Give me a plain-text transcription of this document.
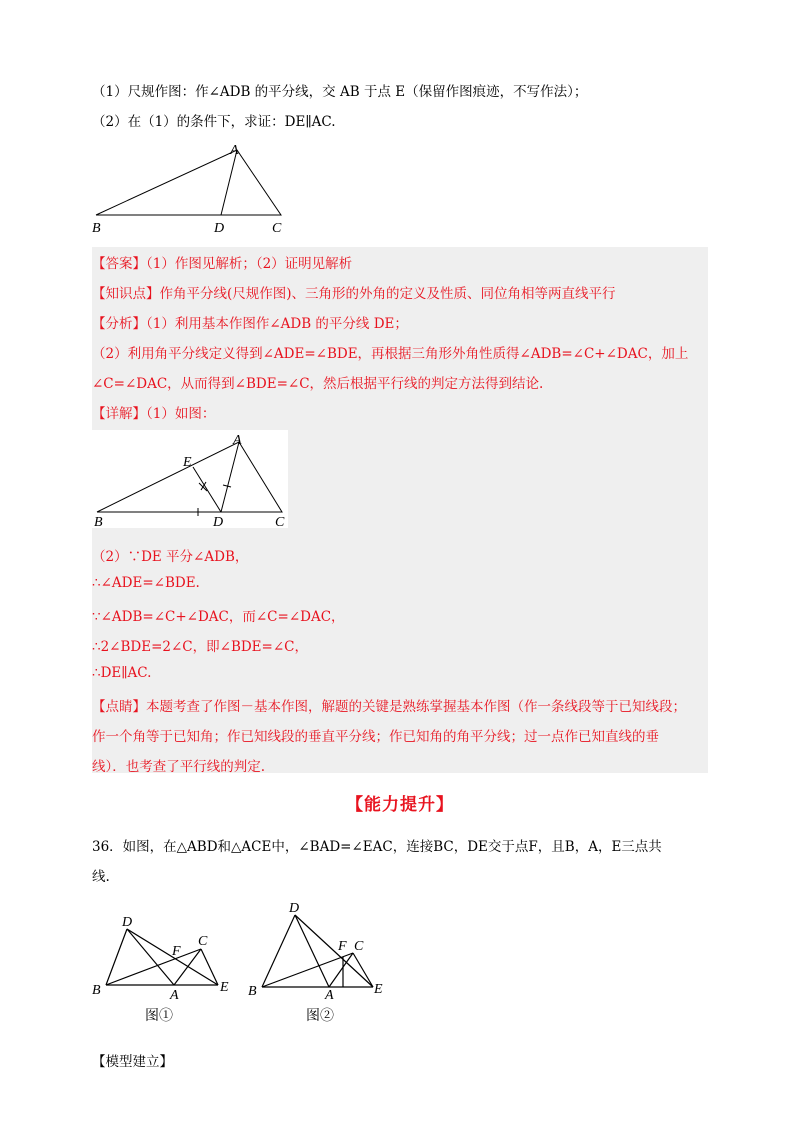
（1）尺规作图：作∠ADB 的平分线，交 AB 于点 E（保留作图痕迹，不写作法）；
（2）在（1）的条件下，求证：DE∥AC.
A
B	D	C
【答案】（1）作图见解析；（2）证明见解析
【知识点】作角平分线(尺规作图)、三角形的外角的定义及性质、同位角相等两直线平行
【分析】（1）利用基本作图作∠ADB 的平分线 DE；
（2）利用角平分线定义得到∠ADE=∠BDE，再根据三角形外角性质得∠ADB=∠C+∠DAC，加上
∠C=∠DAC，从而得到∠BDE=∠C，然后根据平行线的判定方法得到结论.
【详解】（1）如图：
A
B	D	C
E
（2）∵DE 平分∠ADB，
∴∠ADE=∠BDE.
∵∠ADB=∠C+∠DAC，而∠C=∠DAC，
∴2∠BDE=2∠C，即∠BDE=∠C，
∴DE∥AC.
【点睛】本题考查了作图－基本作图，解题的关键是熟练掌握基本作图（作一条线段等于已知线段；
作一个角等于已知角；作已知线段的垂直平分线；作已知角的角平分线；过一点作已知直线的垂
线）．也考查了平行线的判定.
【能力提升】
36．如图，在△ABD和△ACE中，∠BAD=∠EAC，连接BC，DE交于点F，且B，A，E三点共
线.
D
B	A
E
F
C
图①
D
B	A	E
F C
图②
【模型建立】
